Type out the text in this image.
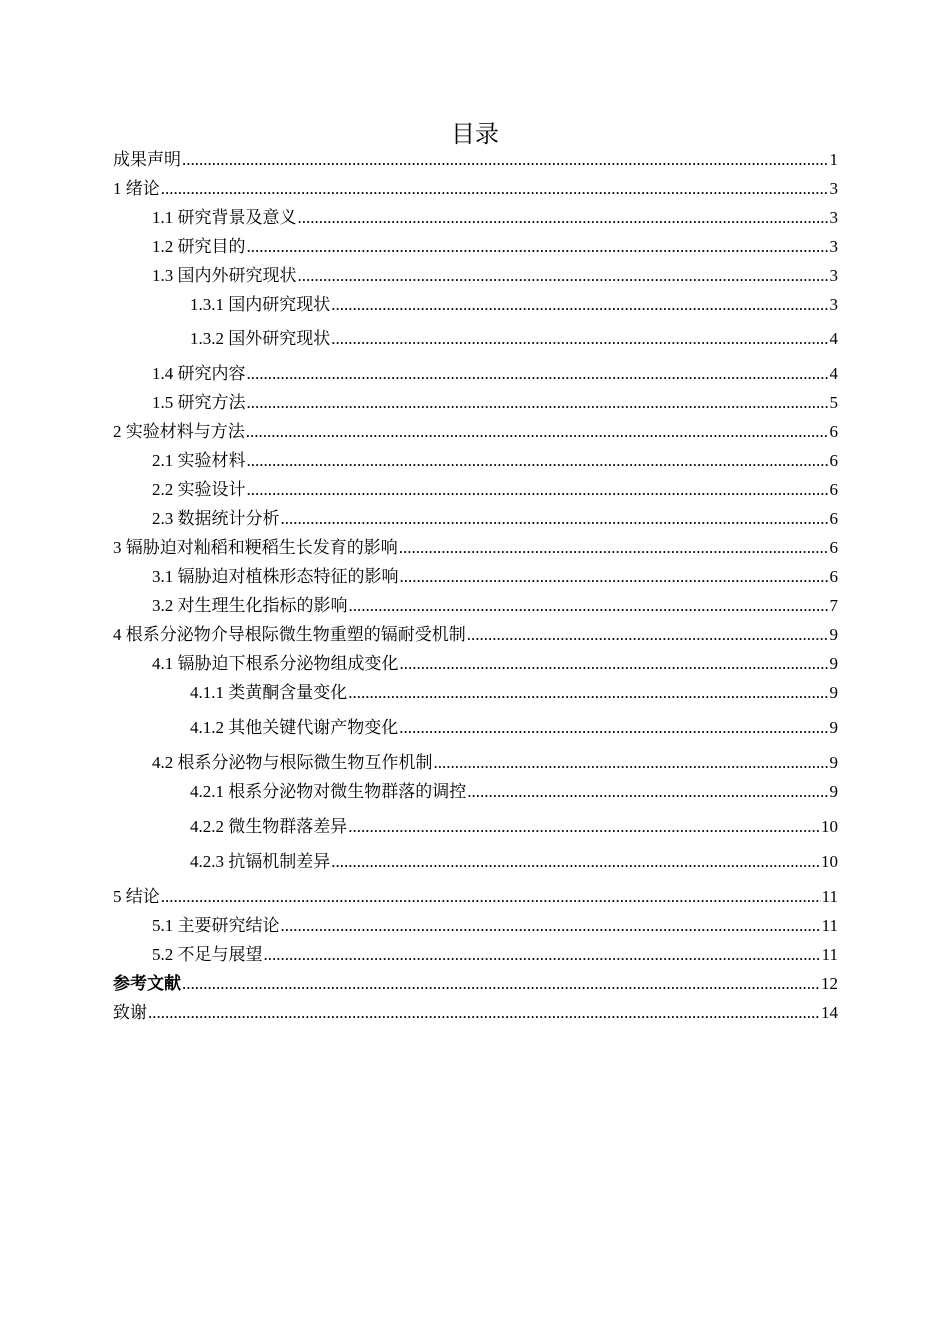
目录
成果声明 .....	1
1 绪论 .....	3
1.1 研究背景及意义 .....	3
1.2 研究目的 .....	3
1.3 国内外研究现状 .....	3
1.3.1 国内研究现状 .....	3
1.3.2 国外研究现状 .....	4
1.4 研究内容 .....	4
1.5 研究方法 .....	5
2 实验材料与方法 .....	6
2.1 实验材料 .....	6
2.2 实验设计 .....	6
2.3 数据统计分析 .....	6
3 镉胁迫对籼稻和粳稻生长发育的影响 .....	6
3.1 镉胁迫对植株形态特征的影响 .....	6
3.2 对生理生化指标的影响 .....	7
4 根系分泌物介导根际微生物重塑的镉耐受机制 .....	9
4.1 镉胁迫下根系分泌物组成变化 .....	9
4.1.1 类黄酮含量变化 .....	9
4.1.2 其他关键代谢产物变化 .....	9
4.2 根系分泌物与根际微生物互作机制 .....	9
4.2.1 根系分泌物对微生物群落的调控 .....	9
4.2.2 微生物群落差异 .....	10
4.2.3 抗镉机制差异 .....	10
5 结论 .....	11
5.1 主要研究结论 .....	11
5.2 不足与展望 .....	11
参考文献 .....	12
致谢 .....	14
